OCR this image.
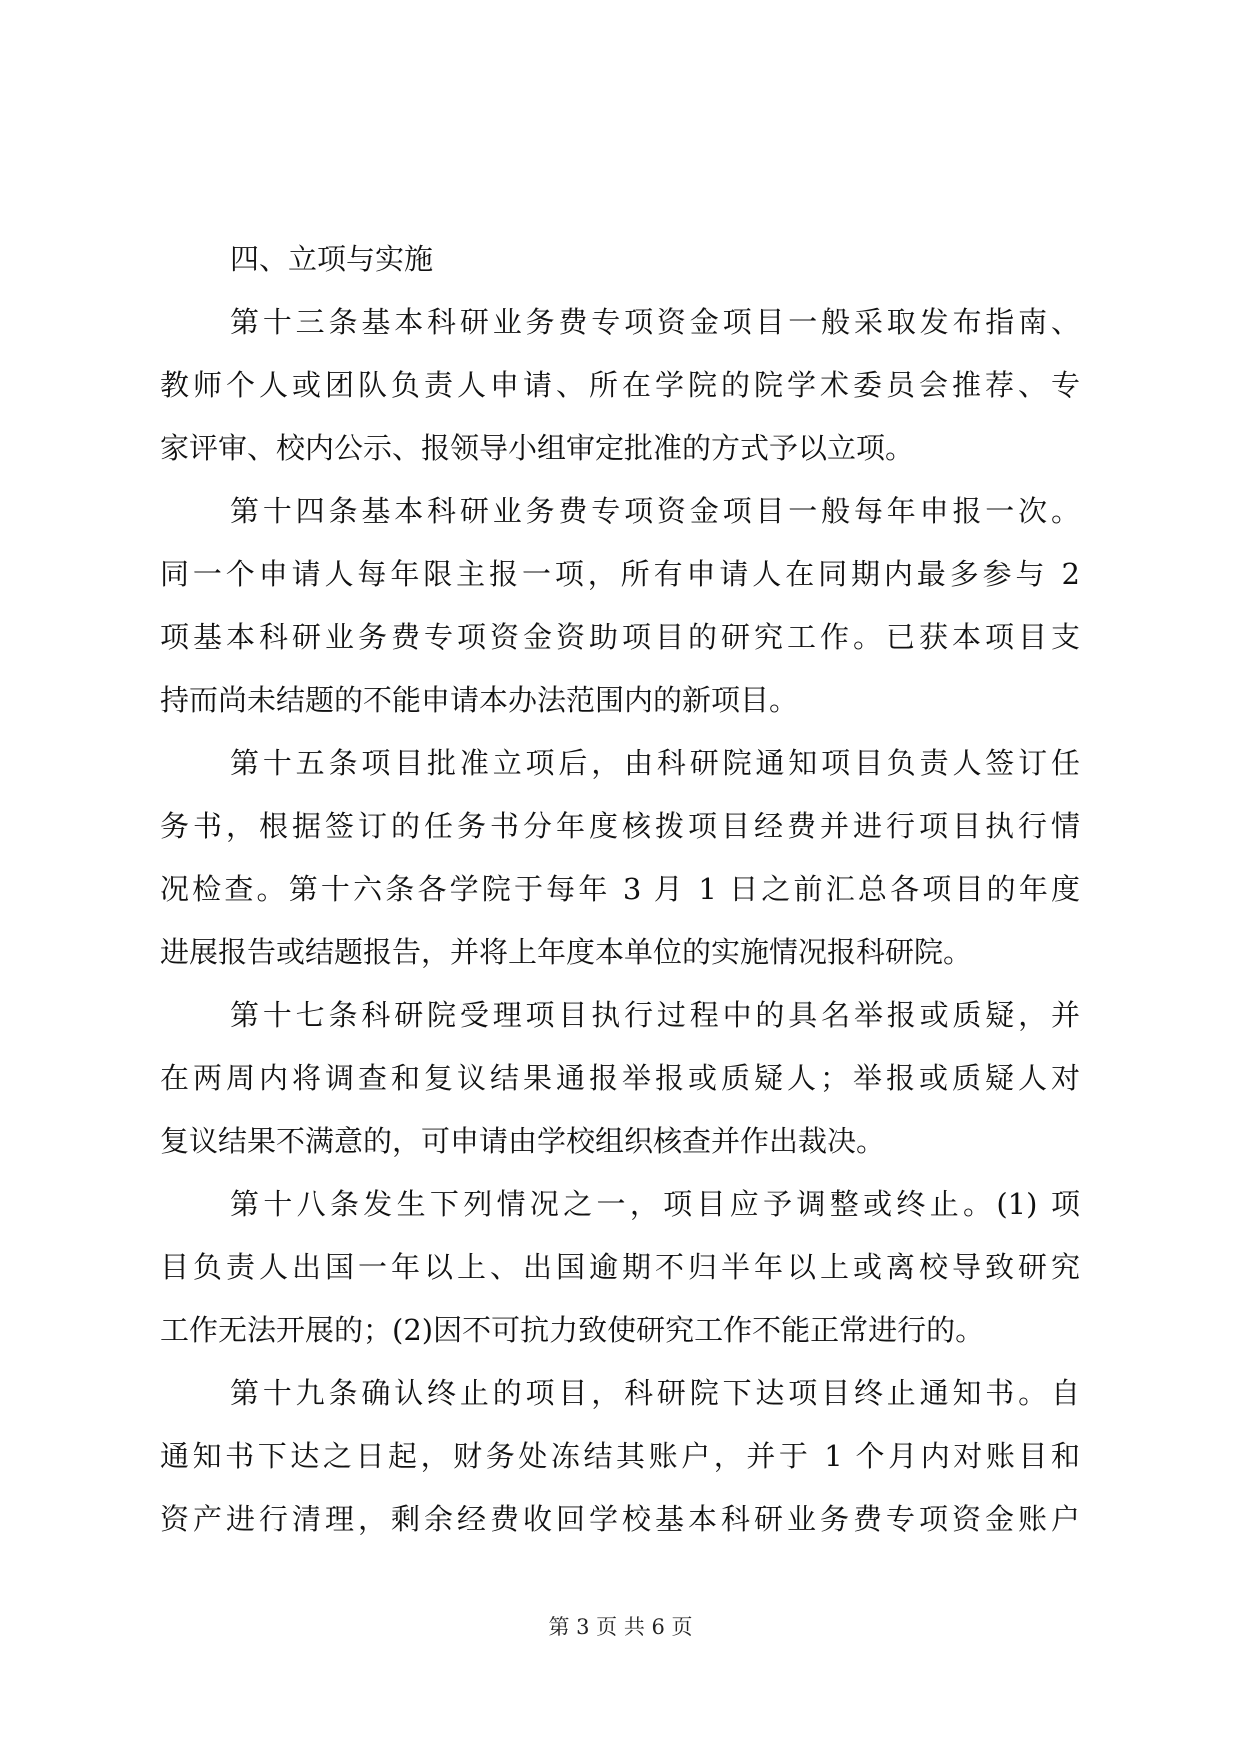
四、立项与实施
第十三条基本科研业务费专项资金项目一般采取发布指南、
教师个人或团队负责人申请、所在学院的院学术委员会推荐、专
家评审、校内公示、报领导小组审定批准的方式予以立项。
第十四条基本科研业务费专项资金项目一般每年申报一次。
同一个申请人每年限主报一项，所有申请人在同期内最多参与 2
项基本科研业务费专项资金资助项目的研究工作。已获本项目支
持而尚未结题的不能申请本办法范围内的新项目。
第十五条项目批准立项后，由科研院通知项目负责人签订任
务书，根据签订的任务书分年度核拨项目经费并进行项目执行情
况检查。第十六条各学院于每年 3 月 1 日之前汇总各项目的年度
进展报告或结题报告，并将上年度本单位的实施情况报科研院。
第十七条科研院受理项目执行过程中的具名举报或质疑，并
在两周内将调查和复议结果通报举报或质疑人；举报或质疑人对
复议结果不满意的，可申请由学校组织核查并作出裁决。
第十八条发生下列情况之一，项目应予调整或终止。(1) 项
目负责人出国一年以上、出国逾期不归半年以上或离校导致研究
工作无法开展的；(2)因不可抗力致使研究工作不能正常进行的。
第十九条确认终止的项目，科研院下达项目终止通知书。自
通知书下达之日起，财务处冻结其账户，并于 1 个月内对账目和
资产进行清理，剩余经费收回学校基本科研业务费专项资金账户
第 3 页 共 6 页
